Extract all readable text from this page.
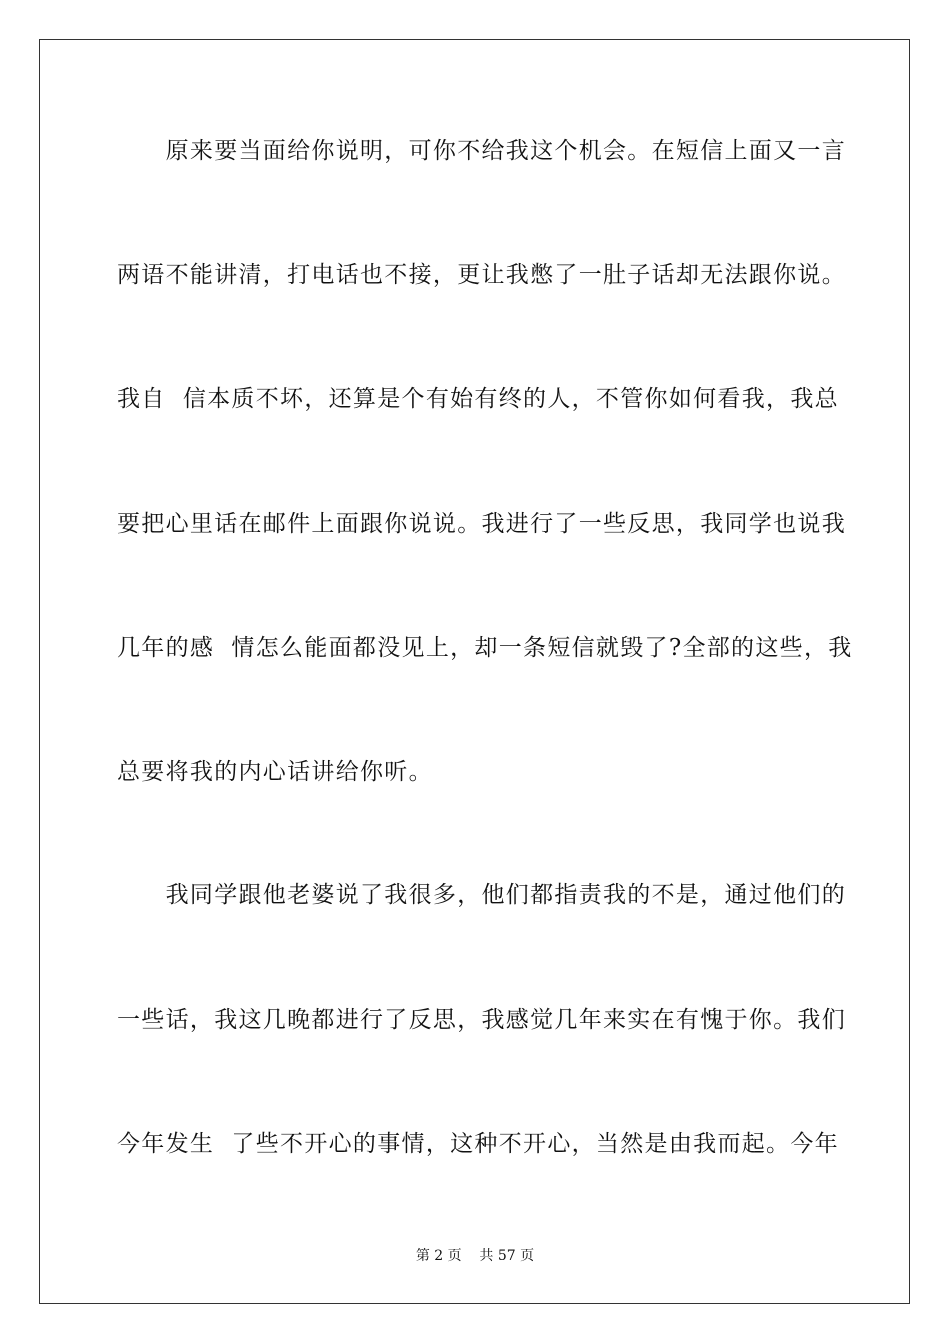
　　原来要当面给你说明，可你不给我这个机会。在短信上面又一言
两语不能讲清，打电话也不接，更让我憋了一肚子话却无法跟你说。
我自  信本质不坏，还算是个有始有终的人，不管你如何看我，我总
要把心里话在邮件上面跟你说说。我进行了一些反思，我同学也说我
几年的感  情怎么能面都没见上，却一条短信就毁了?全部的这些，我
总要将我的内心话讲给你听。
　　我同学跟他老婆说了我很多，他们都指责我的不是，通过他们的
一些话，我这几晚都进行了反思，我感觉几年来实在有愧于你。我们
今年发生  了些不开心的事情，这种不开心，当然是由我而起。今年
第 2 页    共 57 页
